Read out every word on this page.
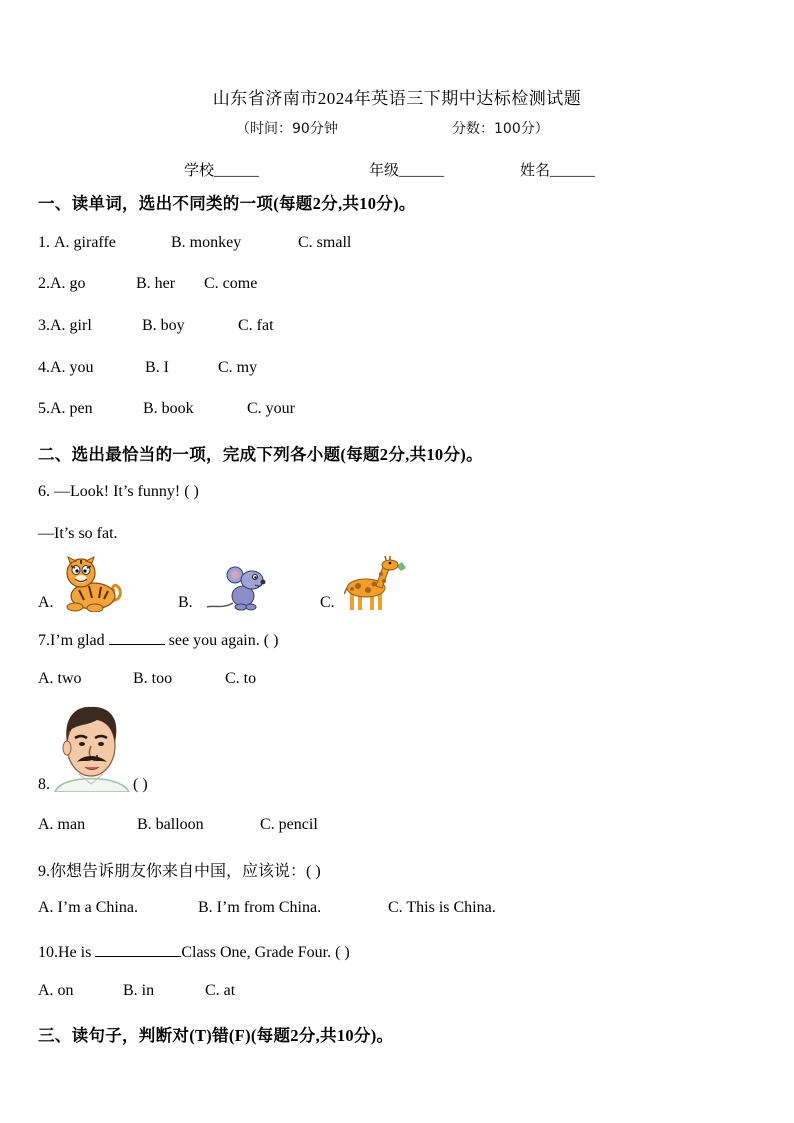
山东省济南市2024年英语三下期中达标检测试题
（时间：90分钟	分数：100分）
学校______	年级______	姓名______
一、读单词，选出不同类的一项(每题2分,共10分)。
1. A. giraffe	B. monkey	C. small
2.A. go	B. her C. come
3.A. girl	B. boy	C. fat
4.A. you	B. I	C. my
5.A. pen	B. book	C. your
二、选出最恰当的一项，完成下列各小题(每题2分,共10分)。
6. —Look! It’s funny! ( )
—It’s so fat.
A.	B.	C.
7.I’m glad	see you again. ( )
A. two	B. too	C. to
8.	( )
A. man	B. balloon	C. pencil
9.你想告诉朋友你来自中国，应该说：( )
A. I’m a China.	B. I’m from China.	C. This is China.
10.He is	Class One, Grade Four. ( )
A. on	B. in	C. at
三、读句子，判断对(T)错(F)(每题2分,共10分)。
